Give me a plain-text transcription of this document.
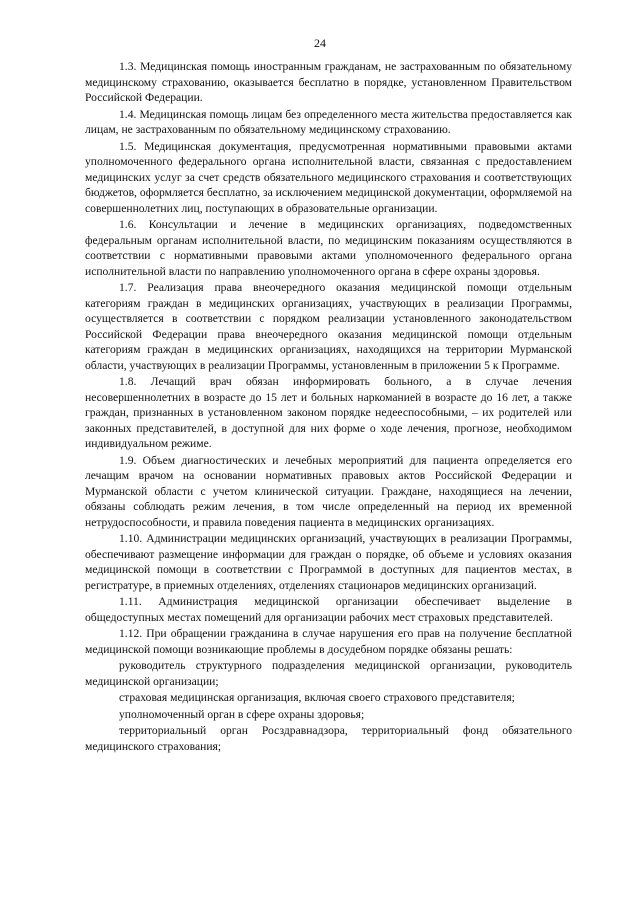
24

1.3. Медицинская помощь иностранным гражданам, не застрахованным по обязательному медицинскому страхованию, оказывается бесплатно в порядке, установленном Правительством Российской Федерации.

1.4. Медицинская помощь лицам без определенного места жительства предоставляется как лицам, не застрахованным по обязательному медицинскому страхованию.

1.5. Медицинская документация, предусмотренная нормативными правовыми актами уполномоченного федерального органа исполнительной власти, связанная с предоставлением медицинских услуг за счет средств обязательного медицинского страхования и соответствующих бюджетов, оформляется бесплатно, за исключением медицинской документации, оформляемой на совершеннолетних лиц, поступающих в образовательные организации.

1.6. Консультации и лечение в медицинских организациях, подведомственных федеральным органам исполнительной власти, по медицинским показаниям осуществляются в соответствии с нормативными правовыми актами уполномоченного федерального органа исполнительной власти по направлению уполномоченного органа в сфере охраны здоровья.

1.7. Реализация права внеочередного оказания медицинской помощи отдельным категориям граждан в медицинских организациях, участвующих в реализации Программы, осуществляется в соответствии с порядком реализации установленного законодательством Российской Федерации права внеочередного оказания медицинской помощи отдельным категориям граждан в медицинских организациях, находящихся на территории Мурманской области, участвующих в реализации Программы, установленным в приложении 5 к Программе.

1.8. Лечащий врач обязан информировать больного, а в случае лечения несовершеннолетних в возрасте до 15 лет и больных наркоманией в возрасте до 16 лет, а также граждан, признанных в установленном законом порядке недееспособными, – их родителей или законных представителей, в доступной для них форме о ходе лечения, прогнозе, необходимом индивидуальном режиме.

1.9. Объем диагностических и лечебных мероприятий для пациента определяется его лечащим врачом на основании нормативных правовых актов Российской Федерации и Мурманской области с учетом клинической ситуации. Граждане, находящиеся на лечении, обязаны соблюдать режим лечения, в том числе определенный на период их временной нетрудоспособности, и правила поведения пациента в медицинских организациях.

1.10. Администрации медицинских организаций, участвующих в реализации Программы, обеспечивают размещение информации для граждан о порядке, об объеме и условиях оказания медицинской помощи в соответствии с Программой в доступных для пациентов местах, в регистратуре, в приемных отделениях, отделениях стационаров медицинских организаций.

1.11. Администрация медицинской организации обеспечивает выделение в общедоступных местах помещений для организации рабочих мест страховых представителей.

1.12. При обращении гражданина в случае нарушения его прав на получение бесплатной медицинской помощи возникающие проблемы в досудебном порядке обязаны решать:

руководитель структурного подразделения медицинской организации, руководитель медицинской организации;

страховая медицинская организация, включая своего страхового представителя;

уполномоченный орган в сфере охраны здоровья;

территориальный орган Росздравнадзора, территориальный фонд обязательного медицинского страхования;
